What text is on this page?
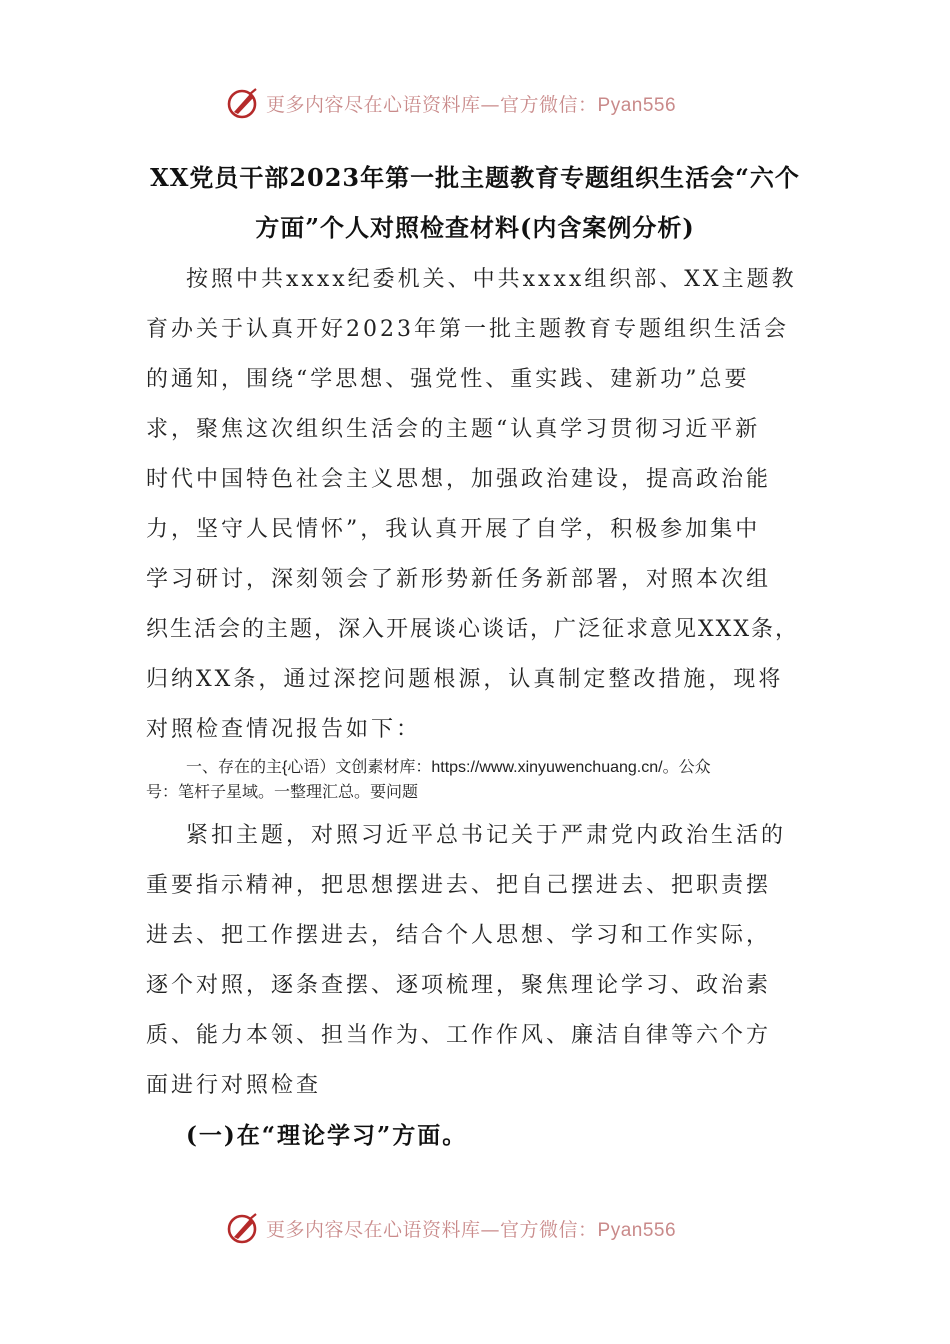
更多内容尽在心语资料库—官方微信：Pyan556
XX党员干部2023年第一批主题教育专题组织生活会“六个
方面”个人对照检查材料(内含案例分析)
按照中共xxxx纪委机关、中共xxxx组织部、XX主题教
育办关于认真开好2023年第一批主题教育专题组织生活会
的通知，围绕“学思想、强党性、重实践、建新功”总要
求，聚焦这次组织生活会的主题“认真学习贯彻习近平新
时代中国特色社会主义思想，加强政治建设，提高政治能
力，坚守人民情怀”，我认真开展了自学，积极参加集中
学习研讨，深刻领会了新形势新任务新部署，对照本次组
织生活会的主题，深入开展谈心谈话，广泛征求意见XXX条，
归纳XX条，通过深挖问题根源，认真制定整改措施，现将
对照检查情况报告如下：
一、存在的主{心语）文创素材库：https://www.xinyuwenchuang.cn/。公众
号：笔杆子星域。一整理汇总。要问题
紧扣主题，对照习近平总书记关于严肃党内政治生活的
重要指示精神，把思想摆进去、把自己摆进去、把职责摆
进去、把工作摆进去，结合个人思想、学习和工作实际，
逐个对照，逐条查摆、逐项梳理，聚焦理论学习、政治素
质、能力本领、担当作为、工作作风、廉洁自律等六个方
面进行对照检查
(一)在“理论学习”方面。
更多内容尽在心语资料库—官方微信：Pyan556
